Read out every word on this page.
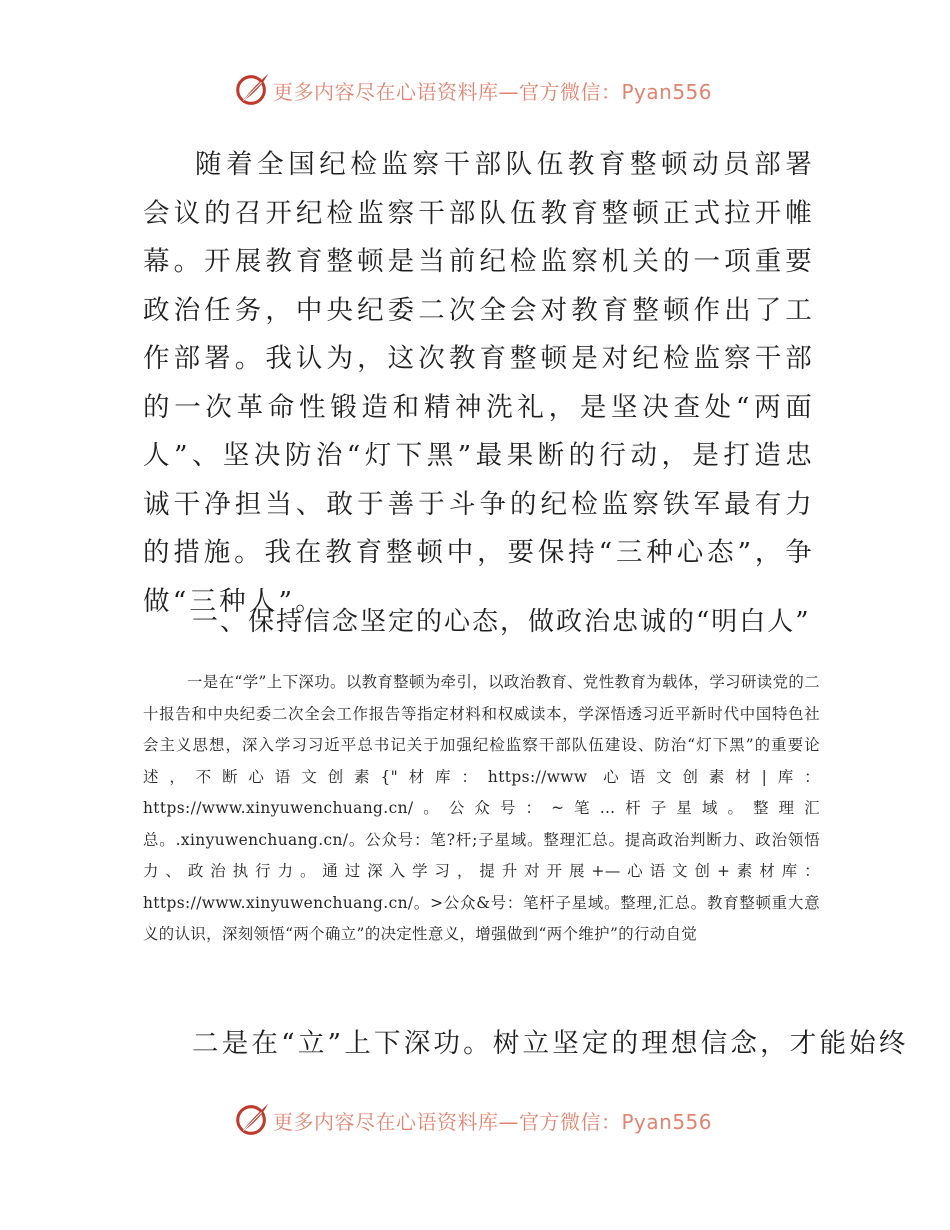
更多内容尽在心语资料库—官方微信：Pyan556

随着全国纪检监察干部队伍教育整顿动员部署会议的召开纪检监察干部队伍教育整顿正式拉开帷幕。开展教育整顿是当前纪检监察机关的一项重要政治任务，中央纪委二次全会对教育整顿作出了工作部署。我认为，这次教育整顿是对纪检监察干部的一次革命性锻造和精神洗礼，是坚决查处“两面人”、坚决防治“灯下黑”最果断的行动，是打造忠诚干净担当、敢于善于斗争的纪检监察铁军最有力的措施。我在教育整顿中，要保持“三种心态”，争做“三种人”。

一、保持信念坚定的心态，做政治忠诚的“明白人”

一是在“学”上下深功。以教育整顿为牵引，以政治教育、党性教育为载体，学习研读党的二十报告和中央纪委二次全会工作报告等指定材料和权威读本，学深悟透习近平新时代中国特色社会主义思想，深入学习习近平总书记关于加强纪检监察干部队伍建设、防治“灯下黑”的重要论述，不断心语文创素{"材库：https://www 心语文创素材|库：https://www.xinyuwenchuang.cn/。公众号：~笔…杆子星域。整理汇总。.xinyuwenchuang.cn/。公众号：笔?杆;子星域。整理汇总。提高政治判断力、政治领悟力、政治执行力。通过深入学习，提升对开展+—心语文创+素材库：https://www.xinyuwenchuang.cn/。>公众&号：笔杆子星域。整理,汇总。教育整顿重大意义的认识，深刻领悟“两个确立”的决定性意义，增强做到“两个维护”的行动自觉

二是在“立”上下深功。树立坚定的理想信念，才能始终

更多内容尽在心语资料库—官方微信：Pyan556
